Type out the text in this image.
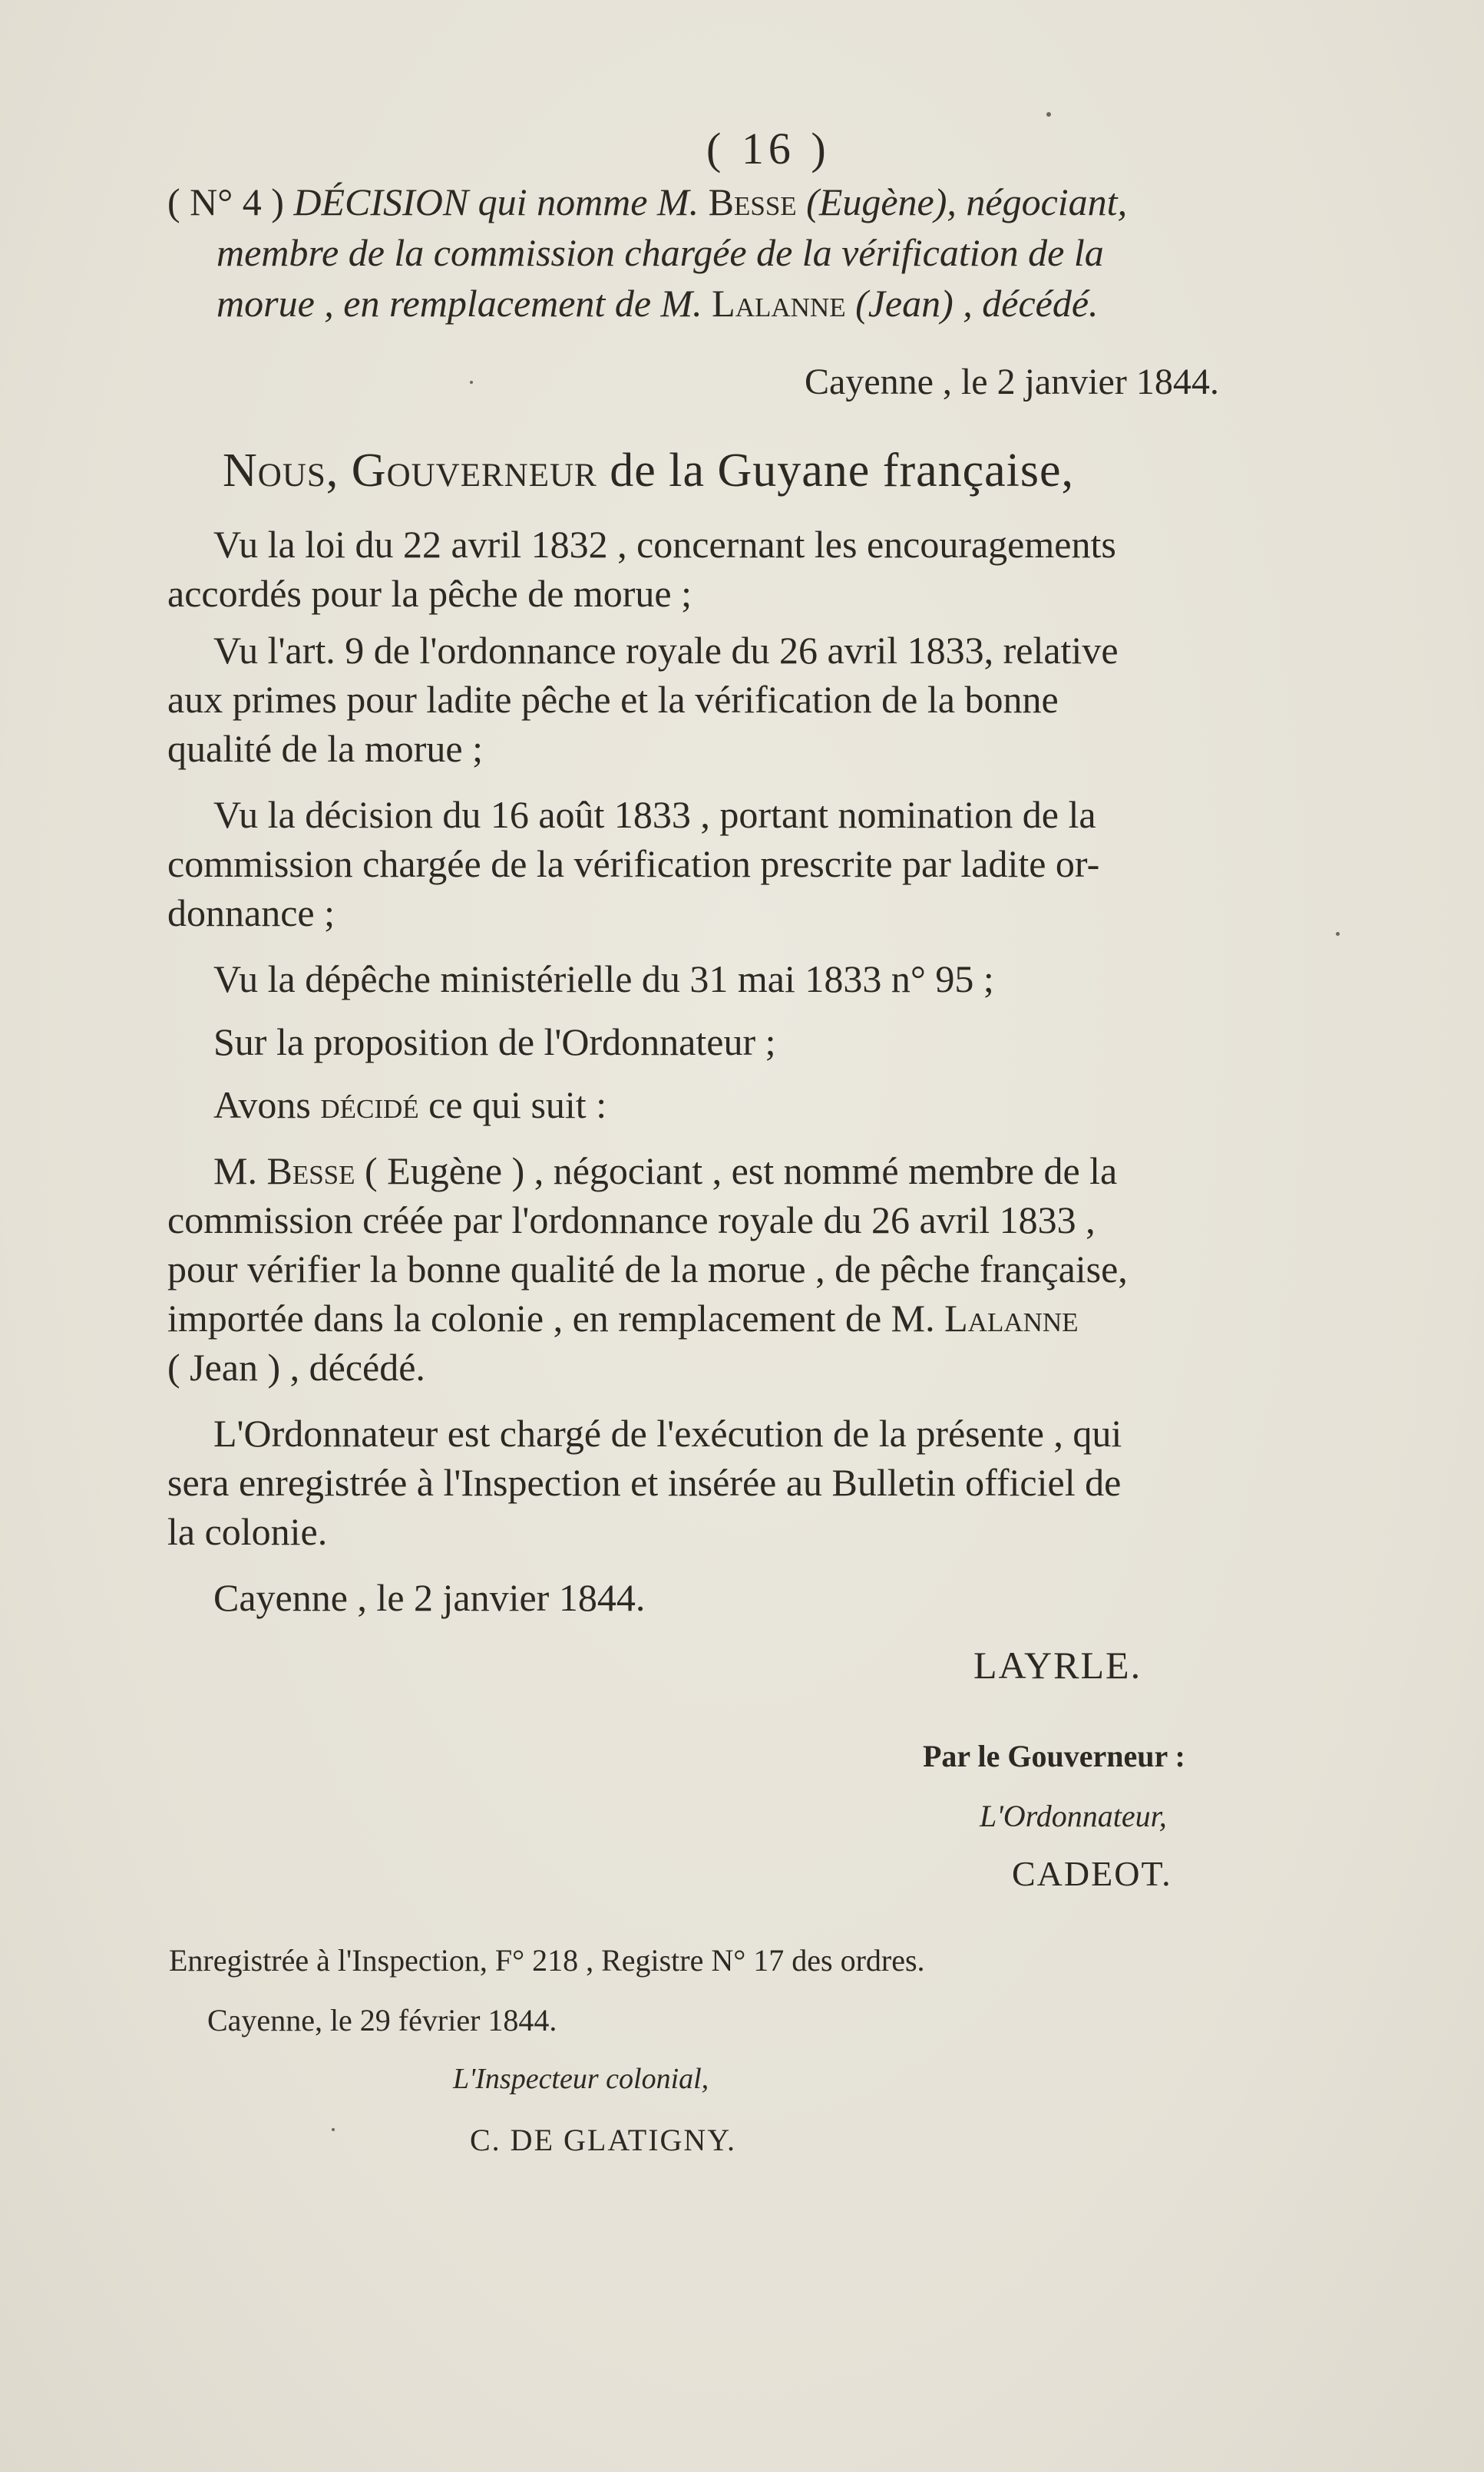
( 16 )
( N° 4 ) DÉCISION qui nomme M. Besse (Eugène), négociant,
membre de la commission chargée de la vérification de la
morue , en remplacement de M. Lalanne (Jean) , décédé.
Cayenne , le 2 janvier 1844.
Nous, Gouverneur de la Guyane française,
Vu la loi du 22 avril 1832 , concernant les encouragements
accordés pour la pêche de morue ;
Vu l'art. 9 de l'ordonnance royale du 26 avril 1833, relative
aux primes pour ladite pêche et la vérification de la bonne
qualité de la morue ;
Vu la décision du 16 août 1833 , portant nomination de la
commission chargée de la vérification prescrite par ladite or-
donnance ;
Vu la dépêche ministérielle du 31 mai 1833 n° 95 ;
Sur la proposition de l'Ordonnateur ;
Avons décidé ce qui suit :
M. Besse ( Eugène ) , négociant , est nommé membre de la
commission créée par l'ordonnance royale du 26 avril 1833 ,
pour vérifier la bonne qualité de la morue , de pêche française,
importée dans la colonie , en remplacement de M. Lalanne
( Jean ) , décédé.
L'Ordonnateur est chargé de l'exécution de la présente , qui
sera enregistrée à l'Inspection et insérée au Bulletin officiel de
la colonie.
Cayenne , le 2 janvier 1844.
LAYRLE.
Par le Gouverneur :
L'Ordonnateur,
CADEOT.
Enregistrée à l'Inspection, F° 218 , Registre N° 17 des ordres.
Cayenne, le 29 février 1844.
L'Inspecteur colonial,
C. DE GLATIGNY.
